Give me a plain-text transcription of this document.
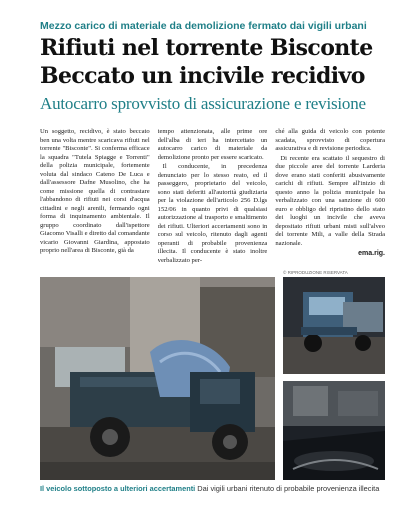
Mezzo carico di materiale da demolizione fermato dai vigili urbani
Rifiuti nel torrente Bisconte
Beccato un incivile recidivo
Autocarro sprovvisto di assicurazione e revisione

Un soggetto, recidivo, è stato beccato ben una volta mentre scaricava rifiuti nel torrente "Bisconte". Si conferma efficace la squadra "Tutela Spiagge e Torrenti" della polizia municipale, fortemente voluta dal sindaco Cateno De Luca e dall'assessore Dafne Musolino, che ha come missione quella di contrastare l'abbandono di rifiuti nei corsi d'acqua cittadini e negli arenili, fermando ogni forma di inquinamento ambientale. Il gruppo coordinato dall'ispettore Giacomo Visalli e diretto dal comandante vicario Giovanni Giardina, appostato proprio nell'area di Bisconte, già da

tempo attenzionata, alle prime ore dell'alba di ieri ha intercettato un autocarro carico di materiale da demolizione pronto per essere scaricato.

Il conducente, in precedenza denunciato per lo stesso reato, ed il passeggero, proprietario del veicolo, sono stati deferiti all'autorità giudiziaria per la violazione dell'articolo 256 D.lgs 152/06 in quanto privi di qualsiasi autorizzazione al trasporto e smaltimento dei rifiuti. Ulteriori accertamenti sono in corso sul veicolo, ritenuto dagli agenti operanti di probabile provenienza illecita. Il conducente è stato inoltre verbalizzato per-

ché alla guida di veicolo con potente scadata, sprovvisto di copertura assicurativa e di revisione periodica.

Di recente era scattato il sequestro di due piccole aree del torrente Larderia dove erano stati conferiti abusivamente carichi di rifiuti. Sempre all'inizio di questo anno la polizia municipale ha verbalizzato con una sanzione di 600 euro e obbligo del ripristino dello stato dei luoghi un incivile che aveva depositato rifiuti urbani misti sull'alveo del torrente Mili, a valle della Strada nazionale.

ema.rig.
© RIPRODUZIONE RISERVATA
Il veicolo sottoposto a ulteriori accertamenti Dai vigili urbani ritenuto di probabile provenienza illecita
